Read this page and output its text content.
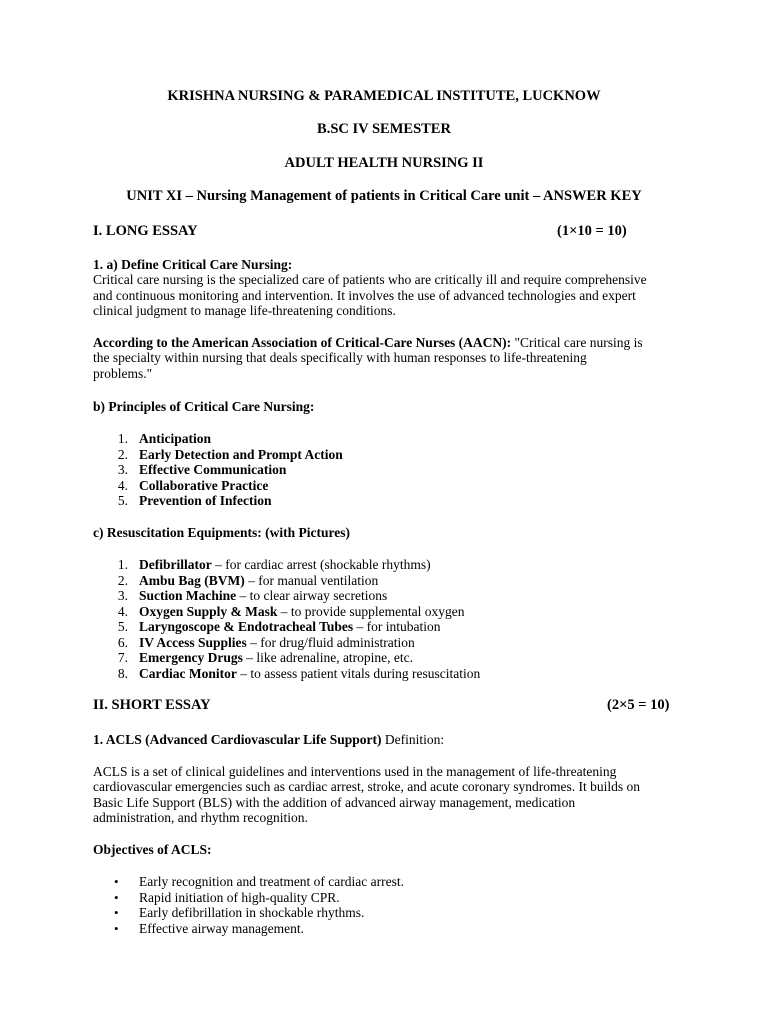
KRISHNA NURSING & PARAMEDICAL INSTITUTE, LUCKNOW
B.SC IV SEMESTER
ADULT HEALTH NURSING II
UNIT XI – Nursing Management of patients in Critical Care unit – ANSWER KEY
I. LONG ESSAY	(1×10 = 10)
1. a) Define Critical Care Nursing:
Critical care nursing is the specialized care of patients who are critically ill and require comprehensive
and continuous monitoring and intervention. It involves the use of advanced technologies and expert
clinical judgment to manage life-threatening conditions.
According to the American Association of Critical-Care Nurses (AACN): "Critical care nursing is
the specialty within nursing that deals specifically with human responses to life-threatening
problems."
b) Principles of Critical Care Nursing:
1. Anticipation
2. Early Detection and Prompt Action
3. Effective Communication
4. Collaborative Practice
5. Prevention of Infection
c) Resuscitation Equipments: (with Pictures)
1. Defibrillator – for cardiac arrest (shockable rhythms)
2. Ambu Bag (BVM) – for manual ventilation
3. Suction Machine – to clear airway secretions
4. Oxygen Supply & Mask – to provide supplemental oxygen
5. Laryngoscope & Endotracheal Tubes – for intubation
6. IV Access Supplies – for drug/fluid administration
7. Emergency Drugs – like adrenaline, atropine, etc.
8. Cardiac Monitor – to assess patient vitals during resuscitation
II. SHORT ESSAY	(2×5 = 10)
1. ACLS (Advanced Cardiovascular Life Support) Definition:
ACLS is a set of clinical guidelines and interventions used in the management of life-threatening
cardiovascular emergencies such as cardiac arrest, stroke, and acute coronary syndromes. It builds on
Basic Life Support (BLS) with the addition of advanced airway management, medication
administration, and rhythm recognition.
Objectives of ACLS:
• Early recognition and treatment of cardiac arrest.
• Rapid initiation of high-quality CPR.
• Early defibrillation in shockable rhythms.
• Effective airway management.
